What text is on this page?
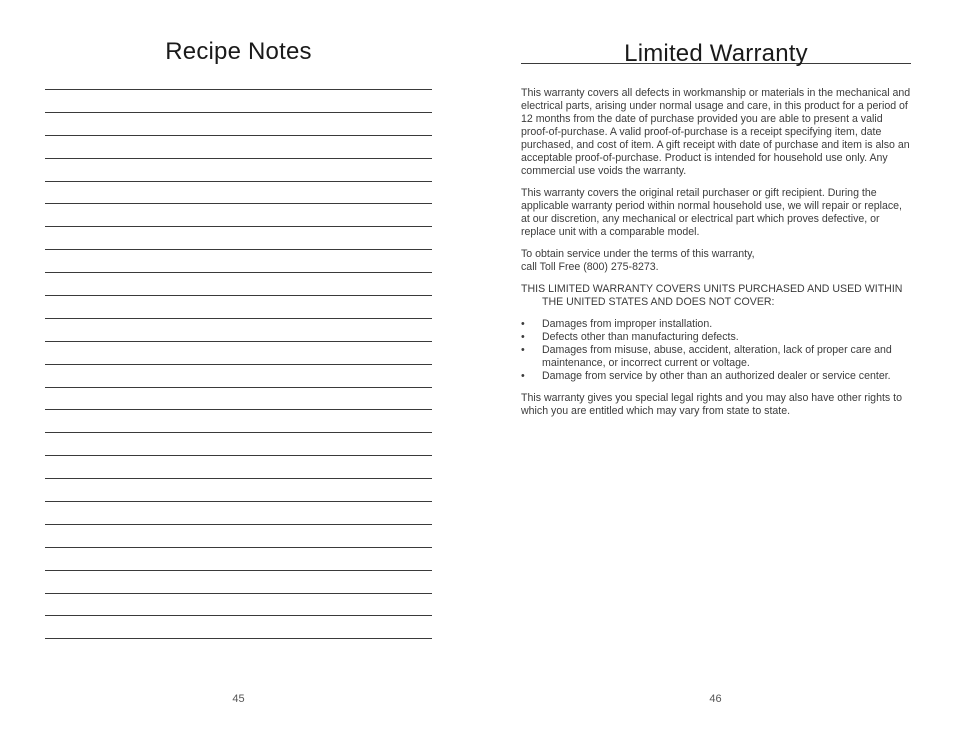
Recipe Notes
45
Limited Warranty

This warranty covers all defects in workmanship or materials in the mechanical and electrical parts, arising under normal usage and care, in this product for a period of 12 months from the date of purchase provided you are able to present a valid proof-of-purchase. A valid proof-of-purchase is a receipt specifying item, date purchased, and cost of item. A gift receipt with date of purchase and item is also an acceptable proof-of-purchase. Product is intended for household use only. Any commercial use voids the warranty.

This warranty covers the original retail purchaser or gift recipient. During the applicable warranty period within normal household use, we will repair or replace, at our discretion, any mechanical or electrical part which proves defective, or replace unit with a comparable model.

To obtain service under the terms of this warranty,
call Toll Free (800) 275-8273.

THIS LIMITED WARRANTY COVERS UNITS PURCHASED AND USED WITHIN THE UNITED STATES AND DOES NOT COVER:

• Damages from improper installation.
• Defects other than manufacturing defects.
• Damages from misuse, abuse, accident, alteration, lack of proper care and maintenance, or incorrect current or voltage.
• Damage from service by other than an authorized dealer or service center.

This warranty gives you special legal rights and you may also have other rights to which you are entitled which may vary from state to state.

46
